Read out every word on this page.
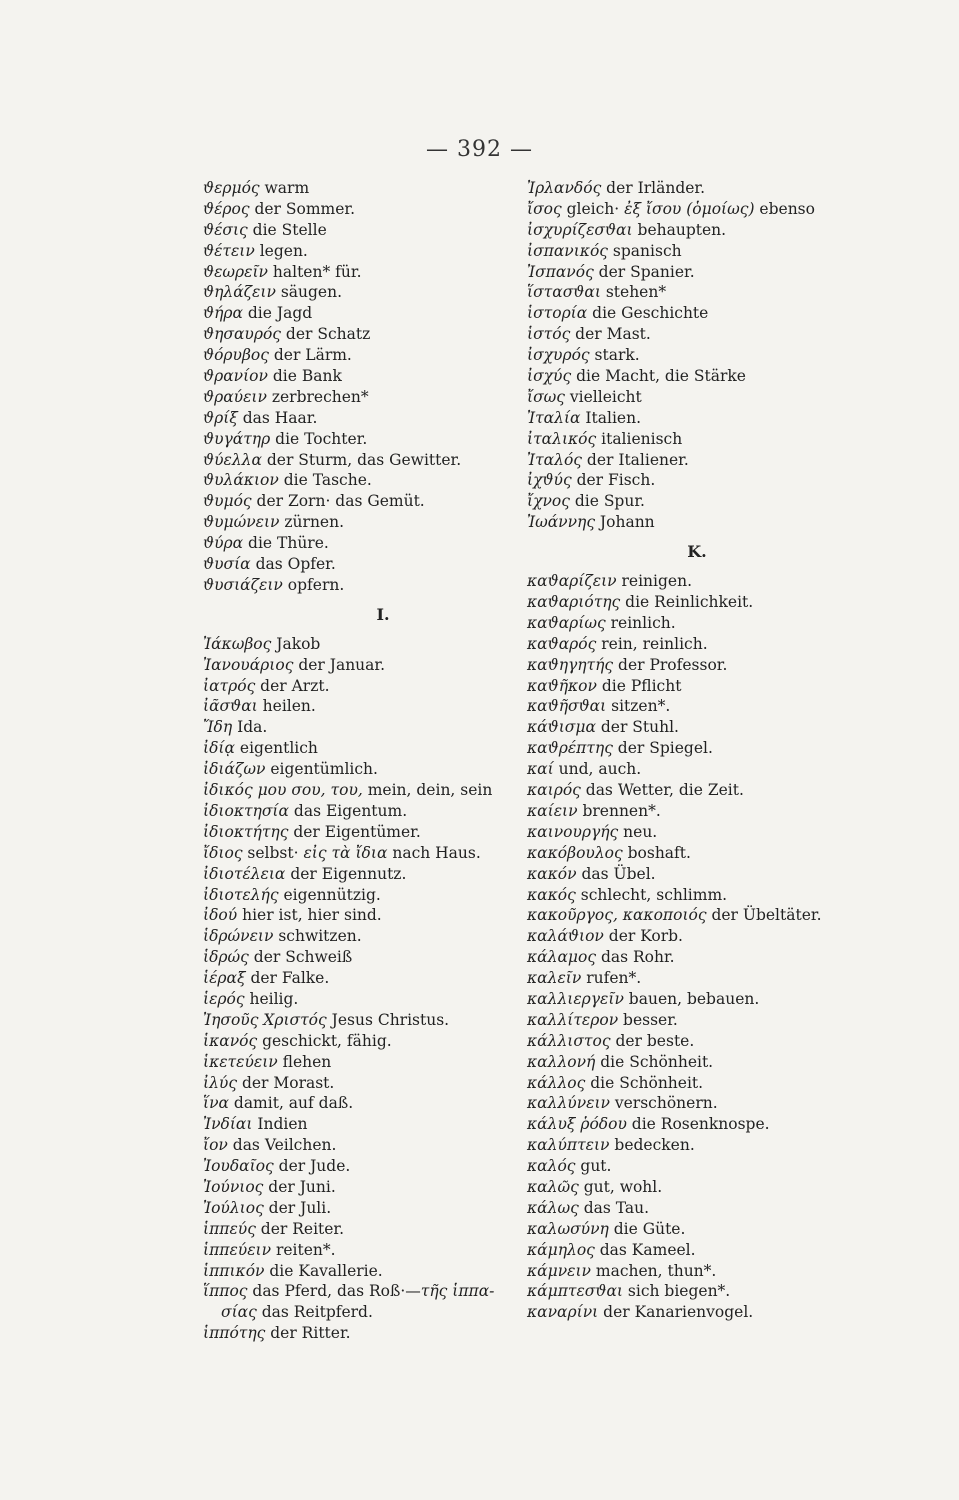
— 392 —
ϑερμός warm
ϑέρος der Sommer.
ϑέσις die Stelle
ϑέτειν legen.
ϑεωρεῖν halten* für.
ϑηλάζειν säugen.
ϑήρα die Jagd
ϑησαυρός der Schatz
ϑόρυβος der Lärm.
ϑρανίον die Bank
ϑραύειν zerbrechen*
ϑρίξ das Haar.
ϑυγάτηρ die Tochter.
ϑύελλα der Sturm, das Gewitter.
ϑυλάκιον die Tasche.
ϑυμός der Zorn· das Gemüt.
ϑυμώνειν zürnen.
ϑύρα die Thüre.
ϑυσία das Opfer.
ϑυσιάζειν opfern.
I.
Ἰάκωβος Jakob
Ἰανουάριος der Januar.
ἰατρός der Arzt.
ἰᾶσϑαι heilen.
Ἴδη Ida.
ἰδίᾳ eigentlich
ἰδιάζων eigentümlich.
ἰδικός μου σου, του, mein, dein, sein
ἰδιοκτησία das Eigentum.
ἰδιοκτήτης der Eigentümer.
ἴδιος selbst· εἰς τὰ ἴδια nach Haus.
ἰδιοτέλεια der Eigennutz.
ἰδιοτελής eigennützig.
ἰδού hier ist, hier sind.
ἱδρώνειν schwitzen.
ἱδρώς der Schweiß
ἱέραξ der Falke.
ἱερός heilig.
Ἰησοῦς Χριστός Jesus Christus.
ἱκανός geschickt, fähig.
ἱκετεύειν flehen
ἰλύς der Morast.
ἵνα damit, auf daß.
Ἰνδίαι Indien
ἴον das Veilchen.
Ἰουδαῖος der Jude.
Ἰούνιος der Juni.
Ἰούλιος der Juli.
ἱππεύς der Reiter.
ἱππεύειν reiten*.
ἱππικόν die Kavallerie.
ἵππος das Pferd, das Roß·—τῆς ἱππα-
σίας das Reitpferd.
ἱππότης der Ritter.
Ἰρλανδός der Irländer.
ἴσος gleich· ἐξ ἴσου (ὁμοίως) ebenso
ἰσχυρίζεσϑαι behaupten.
ἰσπανικός spanisch
Ἰσπανός der Spanier.
ἵστασϑαι stehen*
ἱστορία die Geschichte
ἱστός der Mast.
ἰσχυρός stark.
ἰσχύς die Macht, die Stärke
ἴσως vielleicht
Ἰταλία Italien.
ἰταλικός italienisch
Ἰταλός der Italiener.
ἰχϑύς der Fisch.
ἴχνος die Spur.
Ἰωάννης Johann
K.
καϑαρίζειν reinigen.
καϑαριότης die Reinlichkeit.
καϑαρίως reinlich.
καϑαρός rein, reinlich.
καϑηγητής der Professor.
καϑῆκον die Pflicht
καϑῆσϑαι sitzen*.
κάϑισμα der Stuhl.
καϑρέπτης der Spiegel.
καί und, auch.
καιρός das Wetter, die Zeit.
καίειν brennen*.
καινουργής neu.
κακόβουλος boshaft.
κακόν das Übel.
κακός schlecht, schlimm.
κακοῦργος, κακοποιός der Übeltäter.
καλάϑιον der Korb.
κάλαμος das Rohr.
καλεῖν rufen*.
καλλιεργεῖν bauen, bebauen.
καλλίτερον besser.
κάλλιστος der beste.
καλλονή die Schönheit.
κάλλος die Schönheit.
καλλύνειν verschönern.
κάλυξ ῥόδου die Rosenknospe.
καλύπτειν bedecken.
καλός gut.
καλῶς gut, wohl.
κάλως das Tau.
καλωσύνη die Güte.
κάμηλος das Kameel.
κάμνειν machen, thun*.
κάμπτεσϑαι sich biegen*.
καναρίνι der Kanarienvogel.
